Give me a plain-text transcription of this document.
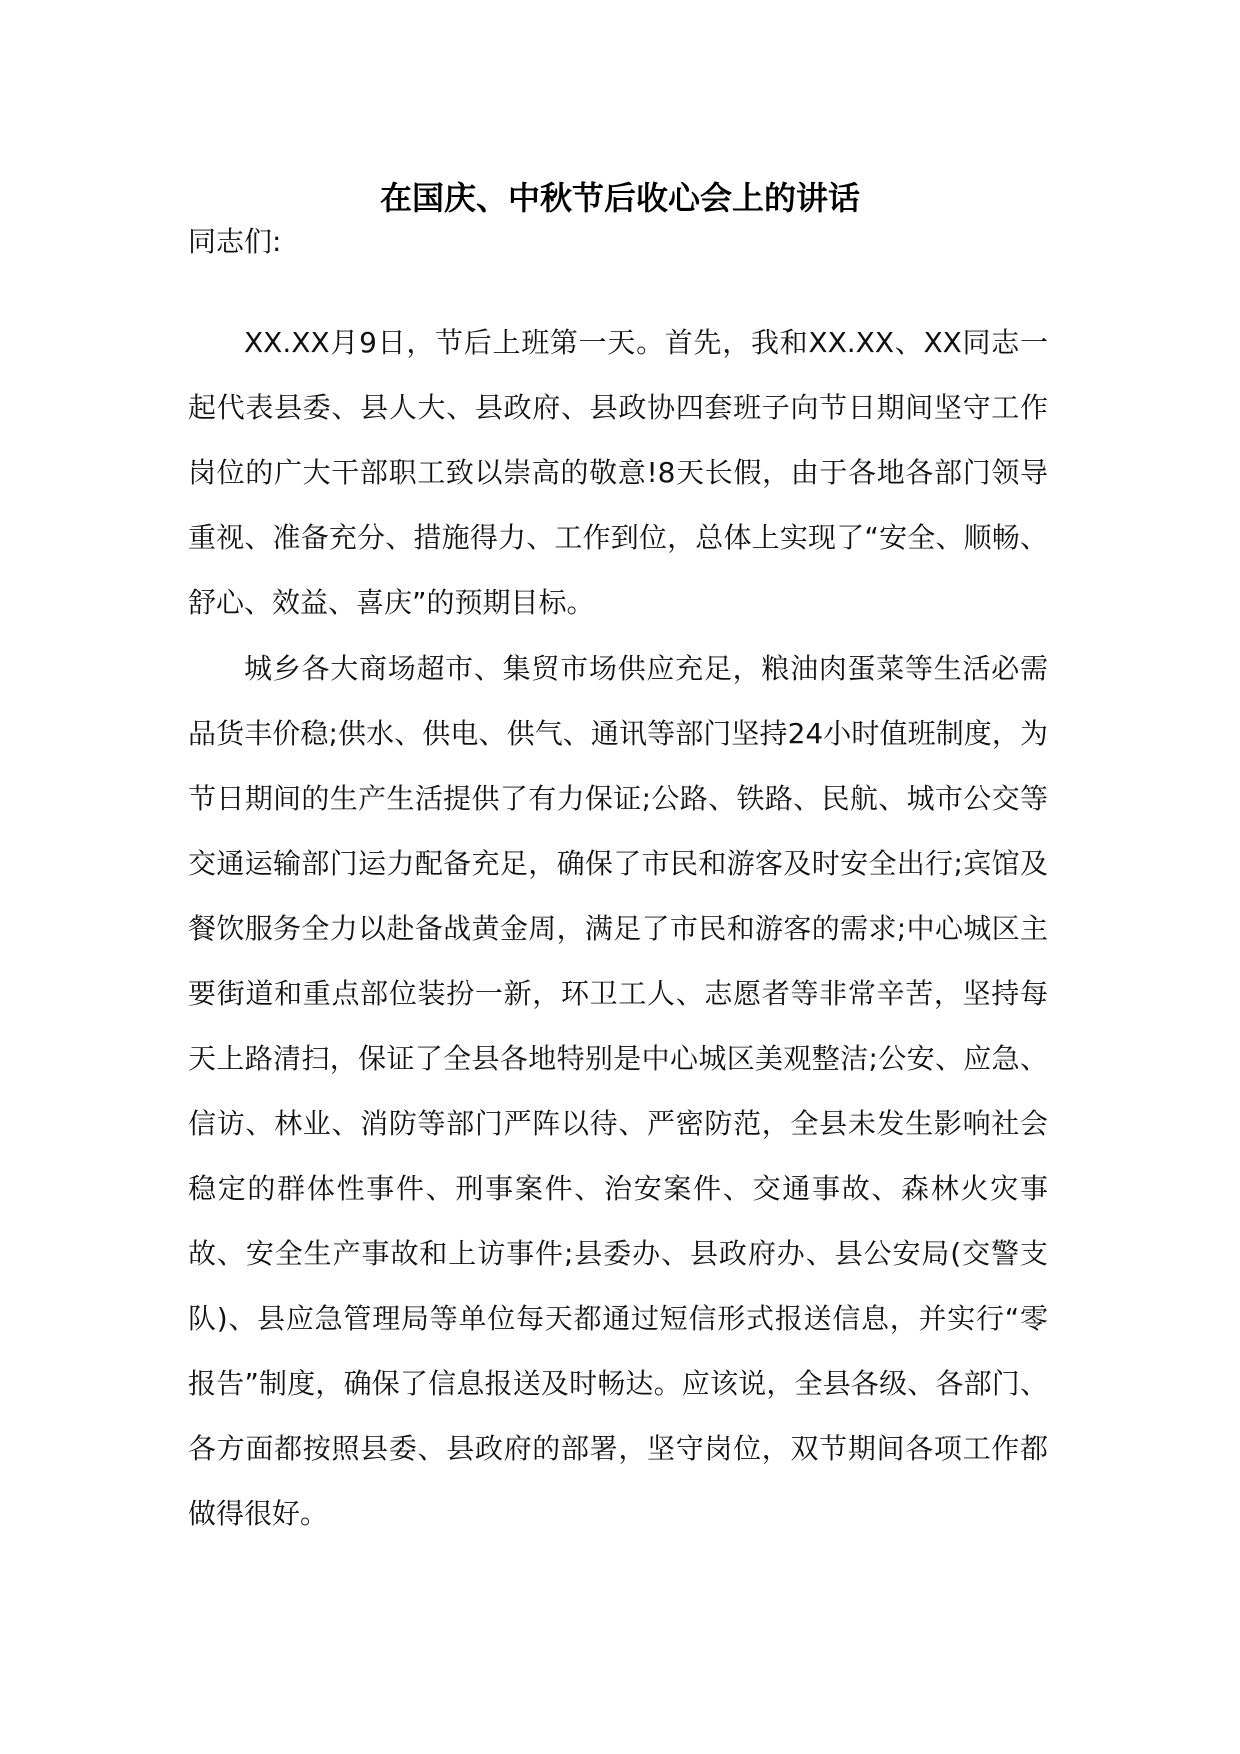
在国庆、中秋节后收心会上的讲话

同志们:

XX.XX月9日，节后上班第一天。首先，我和XX.XX、XX同志一起代表县委、县人大、县政府、县政协四套班子向节日期间坚守工作岗位的广大干部职工致以崇高的敬意!8天长假，由于各地各部门领导重视、准备充分、措施得力、工作到位，总体上实现了“安全、顺畅、舒心、效益、喜庆”的预期目标。

城乡各大商场超市、集贸市场供应充足，粮油肉蛋菜等生活必需品货丰价稳;供水、供电、供气、通讯等部门坚持24小时值班制度，为节日期间的生产生活提供了有力保证;公路、铁路、民航、城市公交等交通运输部门运力配备充足，确保了市民和游客及时安全出行;宾馆及餐饮服务全力以赴备战黄金周，满足了市民和游客的需求;中心城区主要街道和重点部位装扮一新，环卫工人、志愿者等非常辛苦，坚持每天上路清扫，保证了全县各地特别是中心城区美观整洁;公安、应急、信访、林业、消防等部门严阵以待、严密防范，全县未发生影响社会稳定的群体性事件、刑事案件、治安案件、交通事故、森林火灾事故、安全生产事故和上访事件;县委办、县政府办、县公安局(交警支队)、县应急管理局等单位每天都通过短信形式报送信息，并实行“零报告”制度，确保了信息报送及时畅达。应该说，全县各级、各部门、各方面都按照县委、县政府的部署，坚守岗位，双节期间各项工作都做得很好。
